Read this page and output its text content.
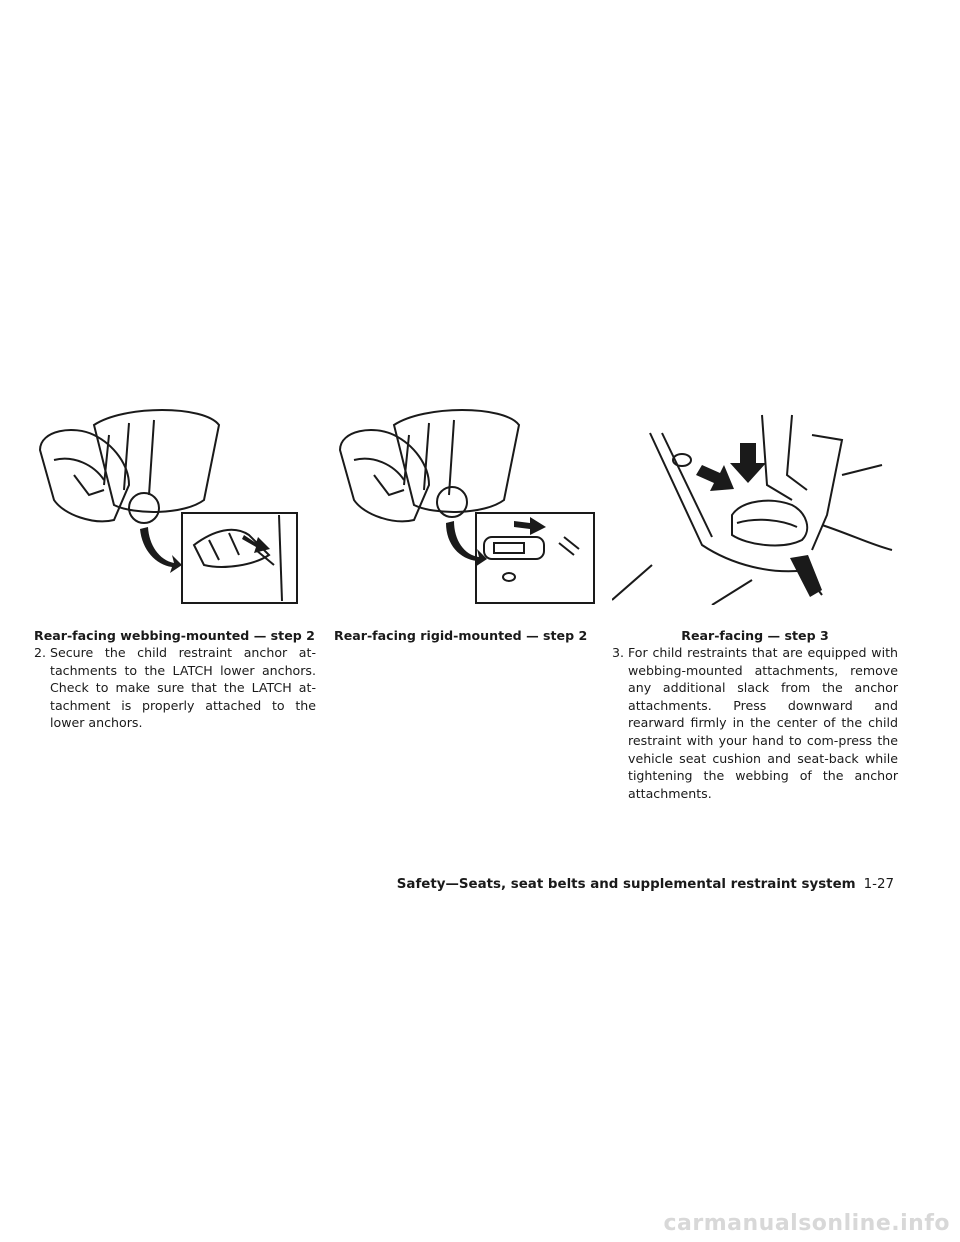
Rear-facing webbing-mounted — step 2

2. Secure the child restraint anchor at-tachments to the LATCH lower anchors. Check to make sure that the LATCH at-tachment is properly attached to the lower anchors.

Rear-facing rigid-mounted — step 2	Rear-facing — step 3

3. For child restraints that are equipped with webbing-mounted attachments, remove any additional slack from the anchor attachments. Press downward and rearward firmly in the center of the child restraint with your hand to com-press the vehicle seat cushion and seat-back while tightening the webbing of the anchor attachments.

Safety—Seats, seat belts and supplemental restraint system 1-27
carmanualsonline.info
